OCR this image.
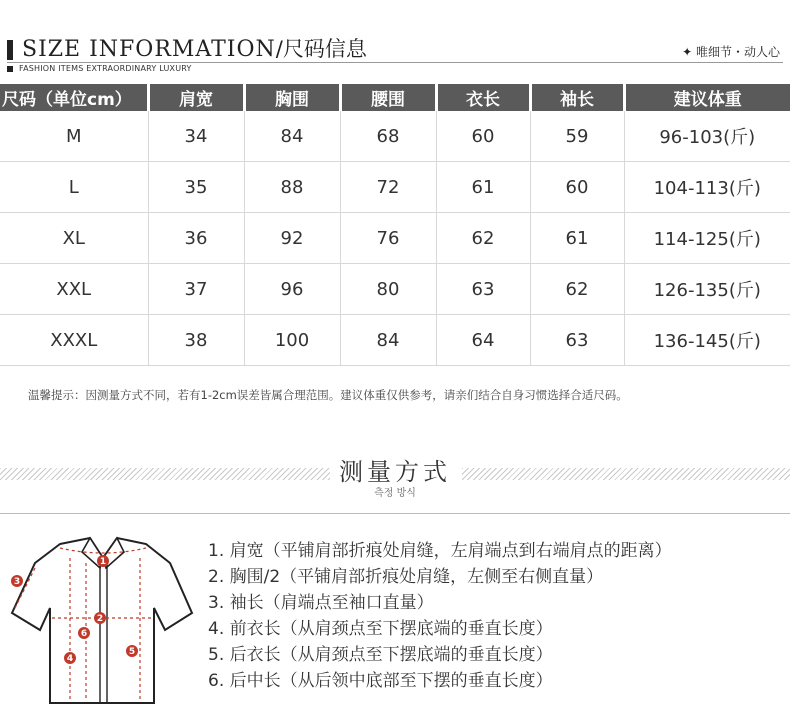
SIZE INFORMATION/尺码信息	✦ 唯细节・动人心
FASHION ITEMS EXTRAORDINARY LUXURY
尺码（单位cm）	肩宽	胸围	腰围	衣长	袖长	建议体重
M	34	84	68	60	59	96-103(斤)
L	35	88	72	61	60	104-113(斤)
XL	36	92	76	62	61	114-125(斤)
XXL	37	96	80	63	62	126-135(斤)
XXXL	38	100	84	64	63	136-145(斤)
温馨提示：因测量方式不同，若有1-2cm误差皆属合理范围。建议体重仅供参考，请亲们结合自身习惯选择合适尺码。
测量方式
측정 방식
1
2
3
4
5
6
1. 肩宽（平铺肩部折痕处肩缝，左肩端点到右端肩点的距离）
2. 胸围/2（平铺肩部折痕处肩缝，左侧至右侧直量）
3. 袖长（肩端点至袖口直量）
4. 前衣长（从肩颈点至下摆底端的垂直长度）
5. 后衣长（从肩颈点至下摆底端的垂直长度）
6. 后中长（从后领中底部至下摆的垂直长度）
